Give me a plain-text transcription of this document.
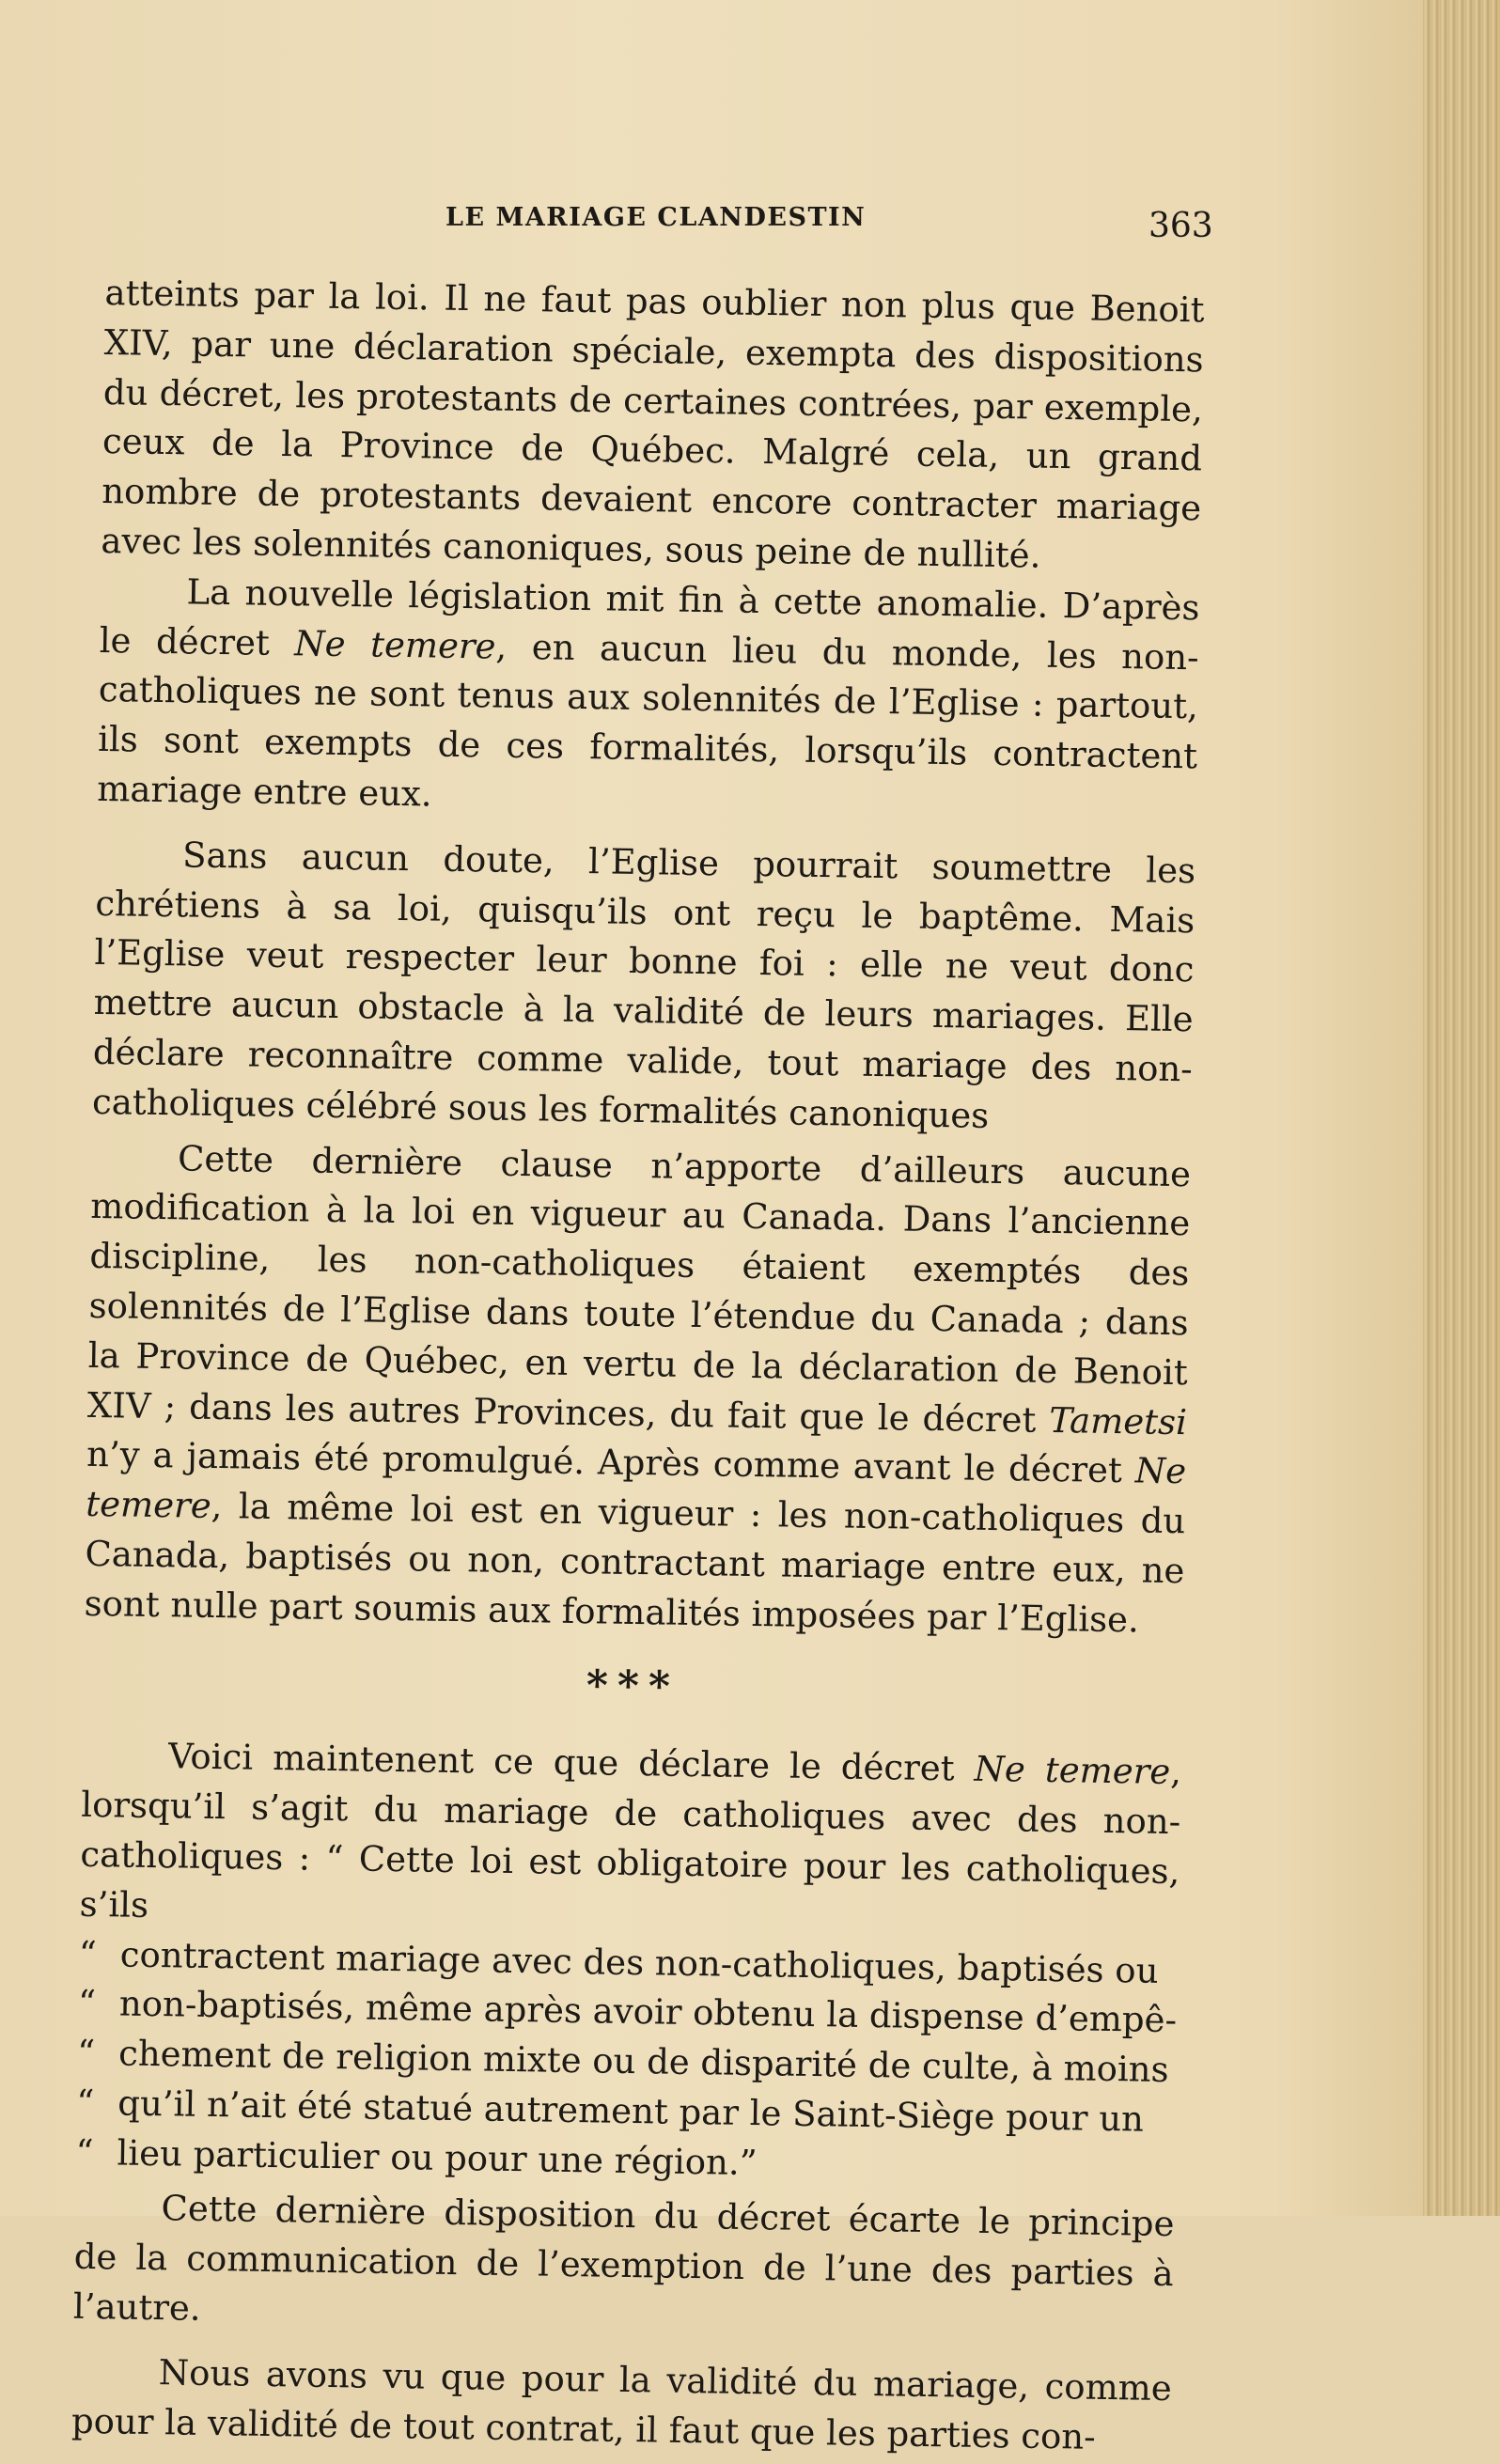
LE MARIAGE CLANDESTIN	363

atteints par la loi. Il ne faut pas oublier non plus que Benoit XIV, par une déclaration spéciale, exempta des dispositions du décret, les protestants de certaines contrées, par exemple, ceux de la Province de Québec. Malgré cela, un grand nombre de protestants devaient encore contracter mariage avec les solennités canoniques, sous peine de nullité.

La nouvelle législation mit fin à cette anomalie. D’après le décret Ne temere, en aucun lieu du monde, les non-catholiques ne sont tenus aux solennités de l’Eglise : partout, ils sont exempts de ces formalités, lorsqu’ils contractent mariage entre eux.

Sans aucun doute, l’Eglise pourrait soumettre les chrétiens à sa loi, quisqu’ils ont reçu le baptême. Mais l’Eglise veut respecter leur bonne foi : elle ne veut donc mettre aucun obstacle à la validité de leurs mariages. Elle déclare reconnaître comme valide, tout mariage des non-catholiques célébré sous les formalités canoniques

Cette dernière clause n’apporte d’ailleurs aucune modification à la loi en vigueur au Canada. Dans l’ancienne discipline, les non-catholiques étaient exemptés des solennités de l’Eglise dans toute l’étendue du Canada ; dans la Province de Québec, en vertu de la déclaration de Benoit XIV ; dans les autres Provinces, du fait que le décret Tametsi n’y a jamais été promulgué. Après comme avant le décret Ne temere, la même loi est en vigueur : les non-catholiques du Canada, baptisés ou non, contractant mariage entre eux, ne sont nulle part soumis aux formalités imposées par l’Eglise.

***

Voici maintenent ce que déclare le décret Ne temere, lorsqu’il s’agit du mariage de catholiques avec des non-catholiques : “ Cette loi est obligatoire pour les catholiques, s’ils

“ contractent mariage avec des non-catholiques, baptisés ou
“ non-baptisés, même après avoir obtenu la dispense d’empê-
“ chement de religion mixte ou de disparité de culte, à moins
“ qu’il n’ait été statué autrement par le Saint-Siège pour un
“ lieu particulier ou pour une région.”

Cette dernière disposition du décret écarte le principe de la communication de l’exemption de l’une des parties à l’autre.

Nous avons vu que pour la validité du mariage, comme pour la validité de tout contrat, il faut que les parties con-
